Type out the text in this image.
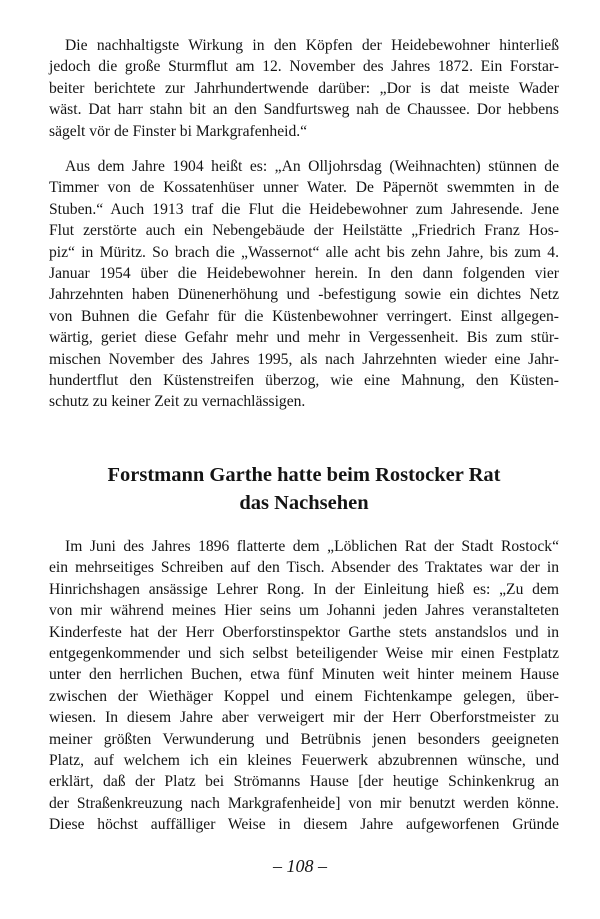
Die nachhaltigste Wirkung in den Köpfen der Heidebewohner hinterließ
jedoch die große Sturmflut am 12. November des Jahres 1872. Ein Forstar-
beiter berichtete zur Jahrhundertwende darüber: „Dor is dat meiste Wader
wäst. Dat harr stahn bit an den Sandfurtsweg nah de Chaussee. Dor hebbens
sägelt vör de Finster bi Markgrafenheid.“
Aus dem Jahre 1904 heißt es: „An Olljohrsdag (Weihnachten) stünnen de
Timmer von de Kossatenhüser unner Water. De Päpernöt swemmten in de
Stuben.“ Auch 1913 traf die Flut die Heidebewohner zum Jahresende. Jene
Flut zerstörte auch ein Nebengebäude der Heilstätte „Friedrich Franz Hos-
piz“ in Müritz. So brach die „Wassernot“ alle acht bis zehn Jahre, bis zum 4.
Januar 1954 über die Heidebewohner herein. In den dann folgenden vier
Jahrzehnten haben Dünenerhöhung und -befestigung sowie ein dichtes Netz
von Buhnen die Gefahr für die Küstenbewohner verringert. Einst allgegen-
wärtig, geriet diese Gefahr mehr und mehr in Vergessenheit. Bis zum stür-
mischen November des Jahres 1995, als nach Jahrzehnten wieder eine Jahr-
hundertflut den Küstenstreifen überzog, wie eine Mahnung, den Küsten-
schutz zu keiner Zeit zu vernachlässigen.
Forstmann Garthe hatte beim Rostocker Rat
das Nachsehen
Im Juni des Jahres 1896 flatterte dem „Löblichen Rat der Stadt Rostock“
ein mehrseitiges Schreiben auf den Tisch. Absender des Traktates war der in
Hinrichshagen ansässige Lehrer Rong. In der Einleitung hieß es: „Zu dem
von mir während meines Hier seins um Johanni jeden Jahres veranstalteten
Kinderfeste hat der Herr Oberforstinspektor Garthe stets anstandslos und in
entgegenkommender und sich selbst beteiligender Weise mir einen Festplatz
unter den herrlichen Buchen, etwa fünf Minuten weit hinter meinem Hause
zwischen der Wiethäger Koppel und einem Fichtenkampe gelegen, über-
wiesen. In diesem Jahre aber verweigert mir der Herr Oberforstmeister zu
meiner größten Verwunderung und Betrübnis jenen besonders geeigneten
Platz, auf welchem ich ein kleines Feuerwerk abzubrennen wünsche, und
erklärt, daß der Platz bei Strömanns Hause [der heutige Schinkenkrug an
der Straßenkreuzung nach Markgrafenheide] von mir benutzt werden könne.
Diese höchst auffälliger Weise in diesem Jahre aufgeworfenen Gründe
– 108 –
